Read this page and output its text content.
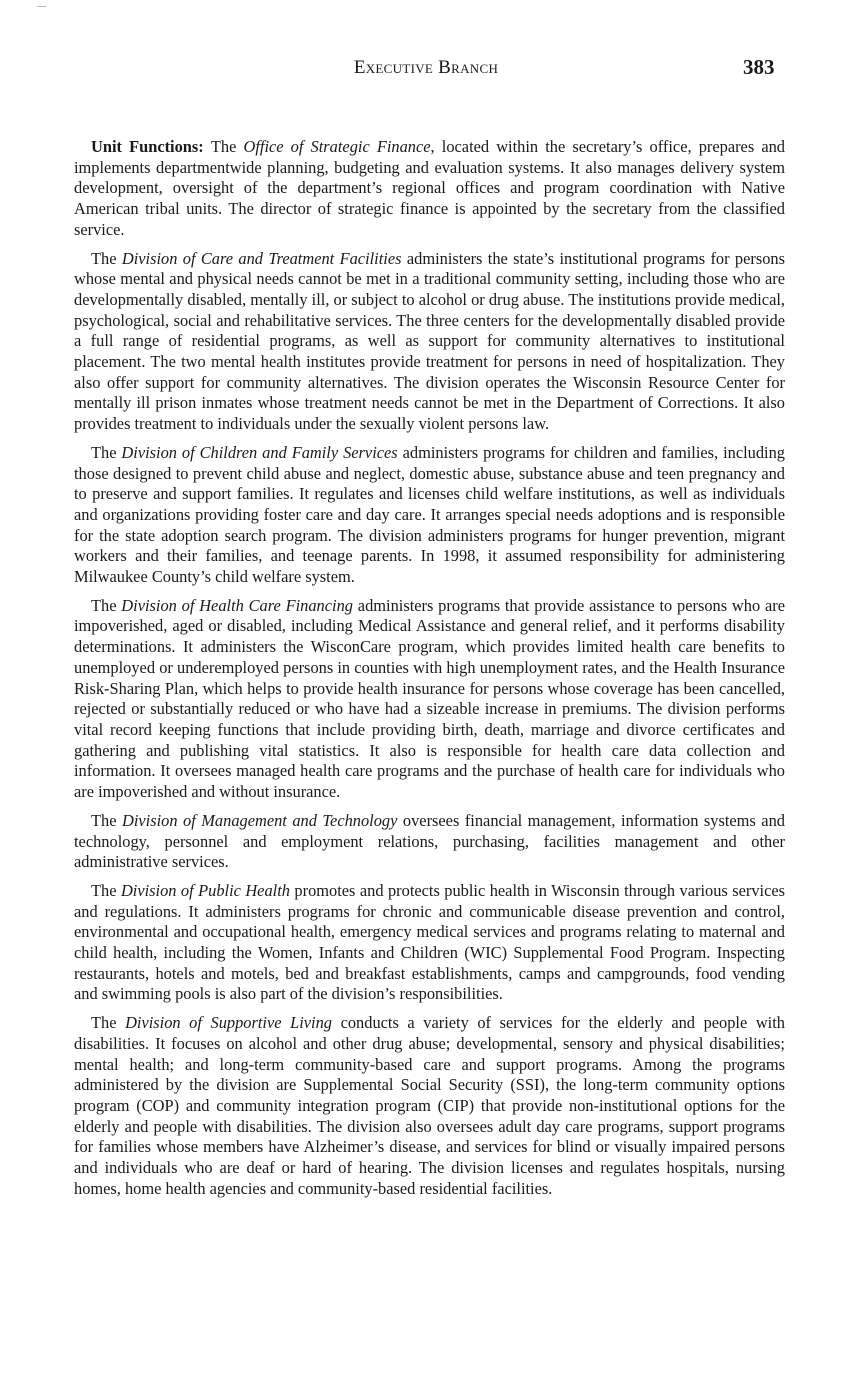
Executive Branch	383

Unit Functions: The Office of Strategic Finance, located within the secretary’s office, prepares and implements departmentwide planning, budgeting and evaluation systems. It also manages delivery system development, oversight of the department’s regional offices and program coordination with Native American tribal units. The director of strategic finance is appointed by the secretary from the classified service.

The Division of Care and Treatment Facilities administers the state’s institutional programs for persons whose mental and physical needs cannot be met in a traditional community setting, including those who are developmentally disabled, mentally ill, or subject to alcohol or drug abuse. The institutions provide medical, psychological, social and rehabilitative services. The three centers for the developmentally disabled provide a full range of residential programs, as well as support for community alternatives to institutional placement. The two mental health institutes provide treatment for persons in need of hospitalization. They also offer support for community alternatives. The division operates the Wisconsin Resource Center for mentally ill prison inmates whose treatment needs cannot be met in the Department of Corrections. It also provides treatment to individuals under the sexually violent persons law.

The Division of Children and Family Services administers programs for children and families, including those designed to prevent child abuse and neglect, domestic abuse, substance abuse and teen pregnancy and to preserve and support families. It regulates and licenses child welfare institutions, as well as individuals and organizations providing foster care and day care. It arranges special needs adoptions and is responsible for the state adoption search program. The division administers programs for hunger prevention, migrant workers and their families, and teenage parents. In 1998, it assumed responsibility for administering Milwaukee County’s child welfare system.

The Division of Health Care Financing administers programs that provide assistance to persons who are impoverished, aged or disabled, including Medical Assistance and general relief, and it performs disability determinations. It administers the WisconCare program, which provides limited health care benefits to unemployed or underemployed persons in counties with high unemployment rates, and the Health Insurance Risk-Sharing Plan, which helps to provide health insurance for persons whose coverage has been cancelled, rejected or substantially reduced or who have had a sizeable increase in premiums. The division performs vital record keeping functions that include providing birth, death, marriage and divorce certificates and gathering and publishing vital statistics. It also is responsible for health care data collection and information. It oversees managed health care programs and the purchase of health care for individuals who are impoverished and without insurance.

The Division of Management and Technology oversees financial management, information systems and technology, personnel and employment relations, purchasing, facilities management and other administrative services.

The Division of Public Health promotes and protects public health in Wisconsin through various services and regulations. It administers programs for chronic and communicable disease prevention and control, environmental and occupational health, emergency medical services and programs relating to maternal and child health, including the Women, Infants and Children (WIC) Supplemental Food Program. Inspecting restaurants, hotels and motels, bed and breakfast establishments, camps and campgrounds, food vending and swimming pools is also part of the division’s responsibilities.

The Division of Supportive Living conducts a variety of services for the elderly and people with disabilities. It focuses on alcohol and other drug abuse; developmental, sensory and physical disabilities; mental health; and long-term community-based care and support programs. Among the programs administered by the division are Supplemental Social Security (SSI), the long-term community options program (COP) and community integration program (CIP) that provide non-institutional options for the elderly and people with disabilities. The division also oversees adult day care programs, support programs for families whose members have Alzheimer’s disease, and services for blind or visually impaired persons and individuals who are deaf or hard of hearing. The division licenses and regulates hospitals, nursing homes, home health agencies and community-based residential facilities.
